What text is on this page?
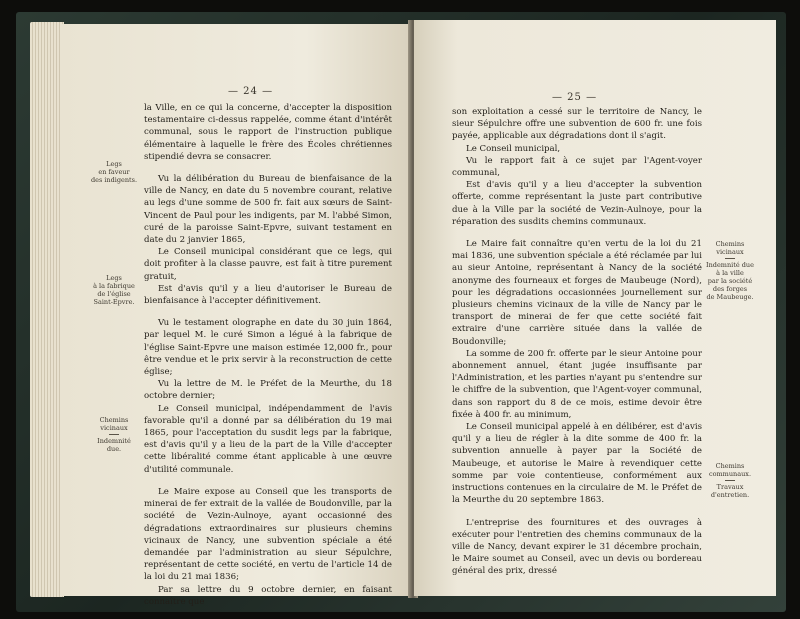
— 24 —

la Ville, en ce qui la concerne, d'accepter la disposition testamentaire ci-dessus rappelée, comme étant d'intérêt communal, sous le rapport de l'instruction publique élémentaire à laquelle le frère des Écoles chrétiennes stipendié devra se consacrer.

Vu la délibération du Bureau de bienfaisance de la ville de Nancy, en date du 5 novembre courant, relative au legs d'une somme de 500 fr. fait aux sœurs de Saint-Vincent de Paul pour les indigents, par M. l'abbé Simon, curé de la paroisse Saint-Epvre, suivant testament en date du 2 janvier 1865,

Le Conseil municipal considérant que ce legs, qui doit profiter à la classe pauvre, est fait à titre purement gratuit,

Est d'avis qu'il y a lieu d'autoriser le Bureau de bienfaisance à l'accepter définitivement.

Vu le testament olographe en date du 30 juin 1864, par lequel M. le curé Simon a légué à la fabrique de l'église Saint-Epvre une maison estimée 12,000 fr., pour être vendue et le prix servir à la reconstruction de cette église;

Vu la lettre de M. le Préfet de la Meurthe, du 18 octobre dernier;

Le Conseil municipal, indépendamment de l'avis favorable qu'il a donné par sa délibération du 19 mai 1865, pour l'acceptation du susdit legs par la fabrique, est d'avis qu'il y a lieu de la part de la Ville d'accepter cette libéralité comme étant applicable à une œuvre d'utilité communale.

Le Maire expose au Conseil que les transports de minerai de fer extrait de la vallée de Boudonville, par la société de Vezin-Aulnoye, ayant occasionné des dégradations extraordinaires sur plusieurs chemins vicinaux de Nancy, une subvention spéciale a été demandée par l'administration au sieur Sépulchre, représentant de cette société, en vertu de l'article 14 de la loi du 21 mai 1836;

Par sa lettre du 9 octobre dernier, en faisant connaître que

Legs
en faveur
des indigents.
Legs
à la fabrique
de l'église
Saint-Epvre.
Chemins
vicinaux
Indemnité due.
— 25 —

son exploitation a cessé sur le territoire de Nancy, le sieur Sépulchre offre une subvention de 600 fr. une fois payée, applicable aux dégradations dont il s'agit.

Le Conseil municipal,

Vu le rapport fait à ce sujet par l'Agent-voyer communal,

Est d'avis qu'il y a lieu d'accepter la subvention offerte, comme représentant la juste part contributive due à la Ville par la société de Vezin-Aulnoye, pour la réparation des susdits chemins communaux.

Le Maire fait connaître qu'en vertu de la loi du 21 mai 1836, une subvention spéciale a été réclamée par lui au sieur Antoine, représentant à Nancy de la société anonyme des fourneaux et forges de Maubeuge (Nord), pour les dégradations occasionnées journellement sur plusieurs chemins vicinaux de la ville de Nancy par le transport de minerai de fer que cette société fait extraire d'une carrière située dans la vallée de Boudonville;

La somme de 200 fr. offerte par le sieur Antoine pour abonnement annuel, étant jugée insuffisante par l'Administration, et les parties n'ayant pu s'entendre sur le chiffre de la subvention, que l'Agent-voyer communal, dans son rapport du 8 de ce mois, estime devoir être fixée à 400 fr. au minimum,

Le Conseil municipal appelé à en délibérer, est d'avis qu'il y a lieu de régler à la dite somme de 400 fr. la subvention annuelle à payer par la Société de Maubeuge, et autorise le Maire à revendiquer cette somme par voie contentieuse, conformément aux instructions contenues en la circulaire de M. le Préfet de la Meurthe du 20 septembre 1863.

L'entreprise des fournitures et des ouvrages à exécuter pour l'entretien des chemins communaux de la ville de Nancy, devant expirer le 31 décembre prochain, le Maire soumet au Conseil, avec un devis ou bordereau général des prix, dressé

Chemins
vicinaux
Indemnité due
à la ville
par la société
des forges
de Maubeuge.
Chemins
communaux.
Travaux
d'entretien.
